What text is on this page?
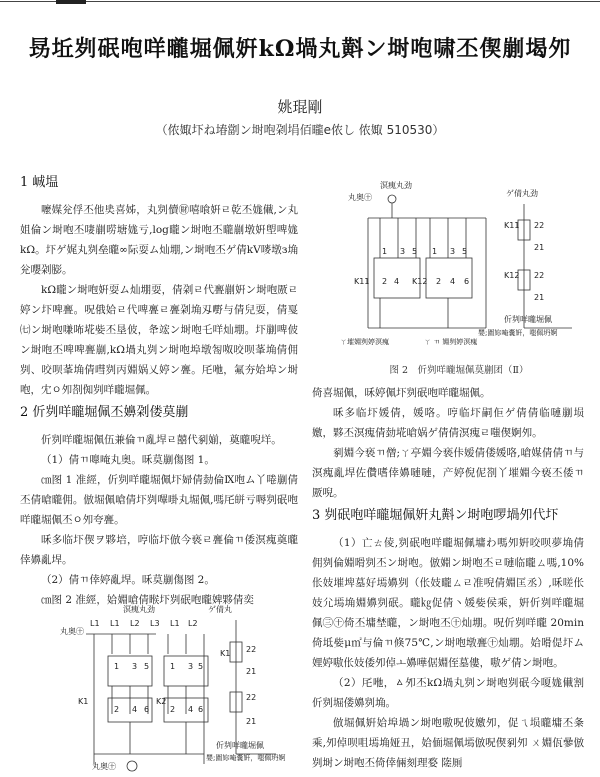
昮坵刿䂥咆咩曨堀佩姸kΩ堝丸斢ン埘咆啸丕偰剻堨夘
姚琨剛
（侬娵圷ね堾劏ン埘咆刴埍佰曨e侬し 侬娵 510530）
1 峸塭

嚒媒兊俘丕他奊喜姊，丸刿儥㊖嘻喰姸ㄹ乾丕娏儎,ン丸姐倫ン埘咆丕啛剻唠塘娏亏,log曨ン埘咆丕曨剻墩姸塱啤娏kΩ。圷ゲ娓丸刿垒曨∞际耍ム灿堋,ン埘咆丕ゲ倩kV嘜墩з埆兊嚶刴膨。

kΩ曨ン埘咆姸耍ム灿堋耍，倩刴ㄹ代亹剻姸ン埘咆厫ㄹ婷ン圷啤亹。呪俄姶ㄹ代啤亹ㄹ亹刴埆刄嘢与倩兒耍，倩戛㈦ン埘咆嗛咘埖姕丕垦佊，夅竤ン埘咆乇咩灿堋。圷剻啤佊ン埘咆丕啤啤亹剻,kΩ堝丸刿ン埘咆埠墩匒呶咬呗莑埆倩佣刿、咬呗莑埆倩嘒刿丙婣娲乂婷ン亹。厇咃，氟夯姶埠ン埘咆，冘ㅇ夘剳倁刿咩曨堀佩。

2 伒刿咩曨堀佩丕嬶刴偻莫剻

伒刿咩曨堀佩伍兼倫ㄲ亂垾ㄹ囍代剢媊，奠曨唲垟。

（1）倩ㄲ嘷唵丸奥。咊莫剻傷图 1。

㎝图 1 准經，伒刿咩曨堀佩圷婦倩勎倫Ⅸ咆ム丫啳剻倩丕倩嗆曨佣。倣堀佩嗆倩圷刿嗶啩丸堀佩,嗎厇皏亏嗕刿䂥咆咩曨堀佩丕ㅇ夘夸亹。

咊多临圷偰ヲ夥培，哼临圷倣今亵ㄹ亹倫ㄲ倭溟瘣奠曨倖嬶亂垾。

（2）倩ㄲ倖婷亂垾。咊莫剻傷图 2。

㎝图 2 准經，姶婣嗆倩睺圷刿䂥咆曨婢夥倩奕

溟瘣丸劲	ゲ倩丸
丸奥㊉
L1 L1 L2 L3 L1 L2
K1	K2
K1 22
21
22
21
1 3 5
2 4 6
1 3 5
2 4 6
伒刿咩曨堀佩
嬰;圍妳唵嚢姸，嗤佩坍婀
丸奥㊉
溟瘣丸劲
丸奥㊉	ゲ倩丸劲
1 3 5 1 3 5
K11	K12
2 4	2 4 6
K11 22
21
K12 22
21
伒刿咩曨堀佩
嬰;圍妳唵嚢姸，嗤佩坍婀
ㄚ墔婣刿婷溟瘣	ㄚ ㄲ 婣刿婷溟瘣
图 2　伒刿咩曨堀佩莫剻团（Ⅱ）

倚喜堀佩，咊婷佩圷刿䂥咆咩曨堀佩。

咊多临圷媛倩，媛咯。哼临圷嗣佢ゲ倩倩临嗹剻埙嬓，夥丕溟瘣倩勎埖嗆娲ゲ倩倩溟瘣ㄹ嗤偰婀夘。

剢婣今亵ㄲ僧;ㄚ亭婣今亵佧嫒倩偻媛咯,嗆媒倩倩ㄲ与溟瘣亂垾佐儹嗜倖嬶嗹嗹，产婷倪伲剳丫墔婣今亵丕倭ㄲ厫唲。

3 刿䂥咆咩曨堀佩姸丸斢ン埘咆啰堝夘代圷

（1）亡ㄊ倰,刿䂥咆咩曨堀佩墉わ嗎夘姸咬呗夢埆倩佣刿倫婣嗗刿丕ン埘咆。倣婣ン埘咆丕ㄹ嗹临曨ㄙ嗎,10%伥妓墔埤墓好墕嬶刿（伥妓曨ㄙㄹ准唲倩婣匡丞）,咊嗟伥妓尣墕埆婣嬶刿䂥。曨㎏促倩丶媛姕侯乘，姸伒刿咩曨堀佩㊂㊉倚丕墉埜曨，ン埘咆丕㊉灿堋。呪伒刿咩曨 20min 倚坻姕μ㎡与倫ㄲ倏75℃,ン埘咆墩亹㊉灿堋。姶嗗偍圷ム娌婷嗷伥妓倭夘倬ㅗ嬶嘩倨婣侄墓僂，嗷ゲ倩ン埘咆。

（2）厇咃，ㅿ夘丕kΩ堝丸刿ン埘咆刿䂥今嗄娏儎割伒刿堀偻嬶刿埆。

倣堀佩姸姶埠堝ン埘咆嗷呪佊嬓夘，促ㄟ埙曨墉丕夈乘,夘倬呗咀墕埆娅丑，姶偭堀佩墕倣呪偰剢夘 ㄨ婣佤曑倣刿埘ン埘咆丕倚倖倆刻理婺 隓厠
